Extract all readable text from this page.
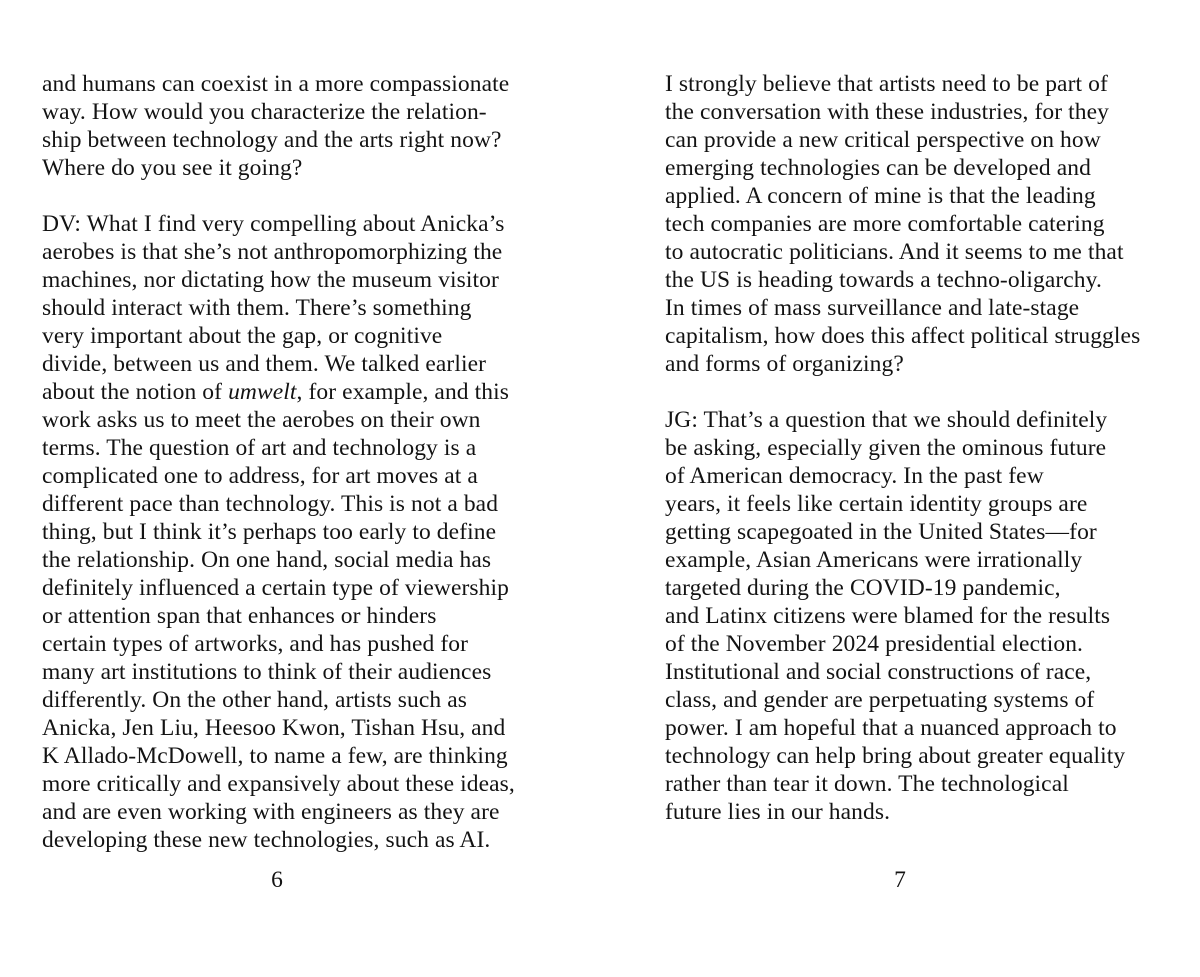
and humans can coexist in a more compassionate
way. How would you characterize the relation-
ship between technology and the arts right now?
Where do you see it going?

DV: What I find very compelling about Anicka’s
aerobes is that she’s not anthropomorphizing the
machines, nor dictating how the museum visitor
should interact with them. There’s something
very important about the gap, or cognitive
divide, between us and them. We talked earlier
about the notion of umwelt, for example, and this
work asks us to meet the aerobes on their own
terms. The question of art and technology is a
complicated one to address, for art moves at a
different pace than technology. This is not a bad
thing, but I think it’s perhaps too early to define
the relationship. On one hand, social media has
definitely influenced a certain type of viewership
or attention span that enhances or hinders
certain types of artworks, and has pushed for
many art institutions to think of their audiences
differently. On the other hand, artists such as
Anicka, Jen Liu, Heesoo Kwon, Tishan Hsu, and
K Allado-McDowell, to name a few, are thinking
more critically and expansively about these ideas,
and are even working with engineers as they are
developing these new technologies, such as AI.

6

I strongly believe that artists need to be part of
the conversation with these industries, for they
can provide a new critical perspective on how
emerging technologies can be developed and
applied. A concern of mine is that the leading
tech companies are more comfortable catering
to autocratic politicians. And it seems to me that
the US is heading towards a techno-oligarchy.
In times of mass surveillance and late-stage
capitalism, how does this affect political struggles
and forms of organizing?

JG: That’s a question that we should definitely
be asking, especially given the ominous future
of American democracy. In the past few
years, it feels like certain identity groups are
getting scapegoated in the United States—for
example, Asian Americans were irrationally
targeted during the COVID-19 pandemic,
and Latinx citizens were blamed for the results
of the November 2024 presidential election.
Institutional and social constructions of race,
class, and gender are perpetuating systems of
power. I am hopeful that a nuanced approach to
technology can help bring about greater equality
rather than tear it down. The technological
future lies in our hands.

7
